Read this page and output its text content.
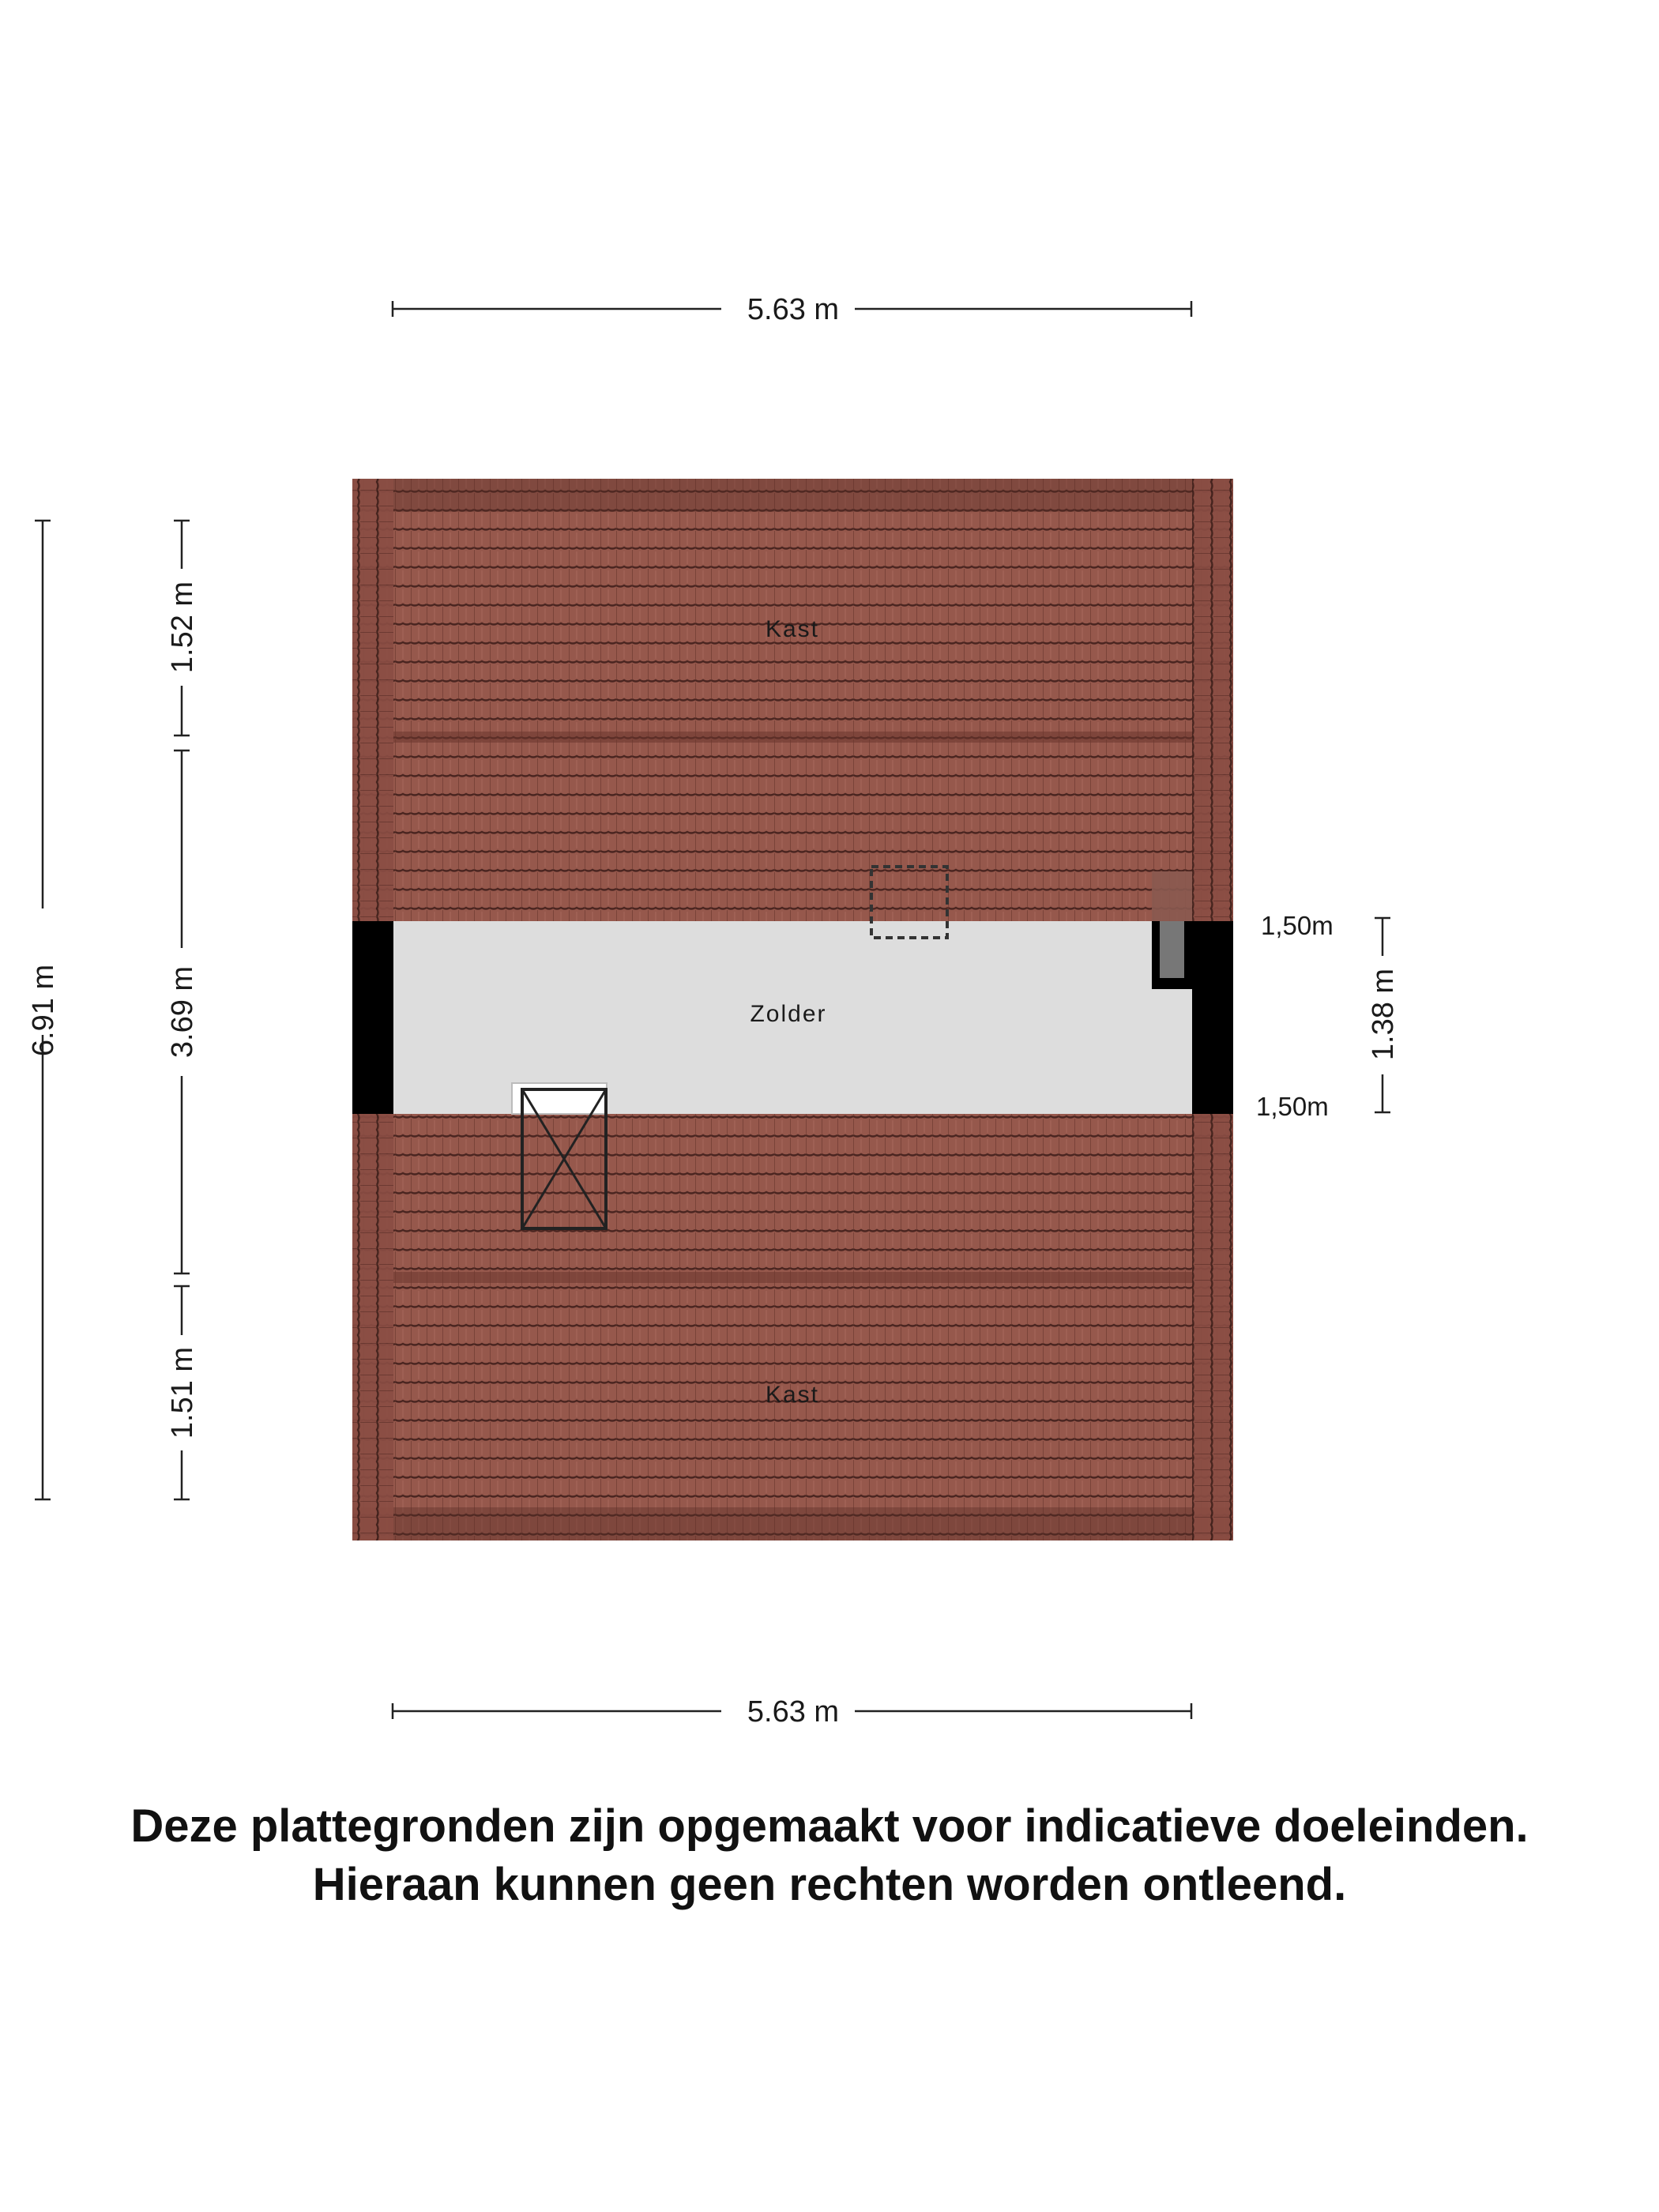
5.63 m
Kast
Zolder
Kast
6.91 m
1.52 m
3.69 m
1.51 m
1.38 m
1,50m
1,50m
5.63 m

Deze plattegronden zijn opgemaakt voor indicatieve doeleinden.

Hieraan kunnen geen rechten worden ontleend.
